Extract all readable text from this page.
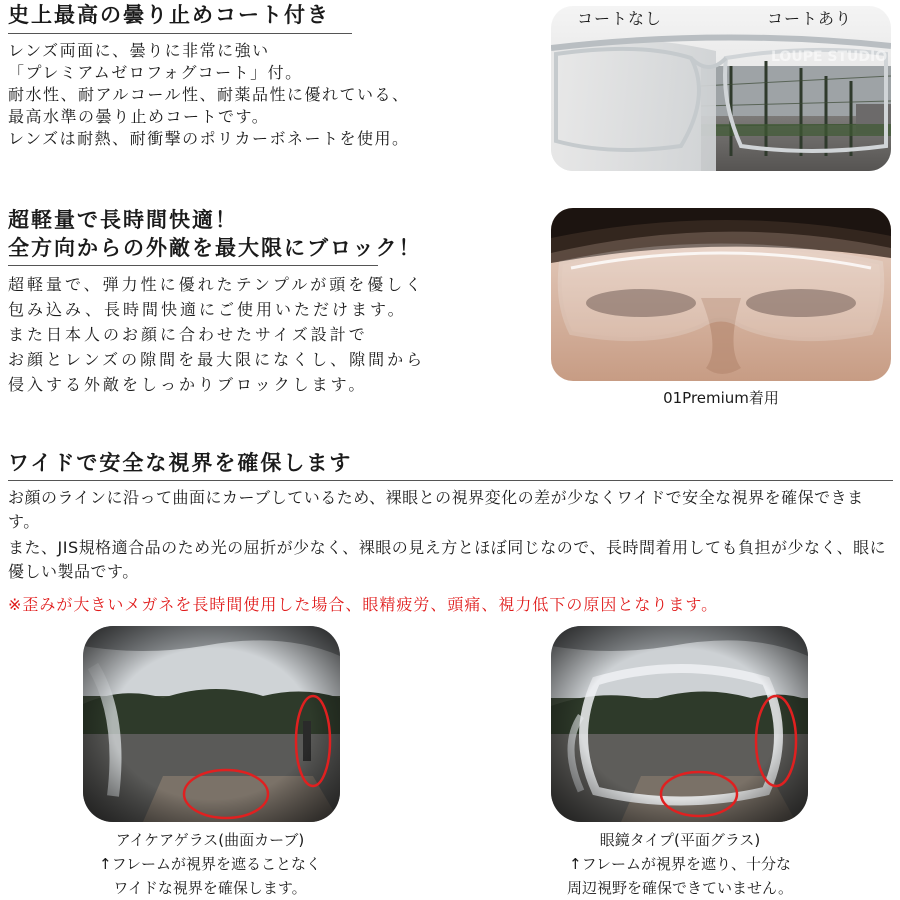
史上最高の曇り止めコート付き

レンズ両面に、曇りに非常に強い
「プレミアムゼロフォグコート」付。
耐水性、耐アルコール性、耐薬品性に優れている、
最高水準の曇り止めコートです。
レンズは耐熱、耐衝撃のポリカーボネートを使用。

LOUPE STUDIO
コートなし	コートあり
超軽量で長時間快適！
全方向からの外敵を最大限にブロック！

超軽量で、弾力性に優れたテンプルが頭を優しく
包み込み、長時間快適にご使用いただけます。
また日本人のお顔に合わせたサイズ設計で
お顔とレンズの隙間を最大限になくし、隙間から
侵入する外敵をしっかりブロックします。

01Premium着用
ワイドで安全な視界を確保します

お顔のラインに沿って曲面にカーブしているため、裸眼との視界変化の差が少なくワイドで安全な視界を確保できます。

また、JIS規格適合品のため光の屈折が少なく、裸眼の見え方とほぼ同じなので、長時間着用しても負担が少なく、眼に優しい製品です。

※歪みが大きいメガネを長時間使用した場合、眼精疲労、頭痛、視力低下の原因となります。

アイケアゲラス(曲面カーブ)
↑フレームが視界を遮ることなく
ワイドな視界を確保します。
眼鏡タイプ(平面グラス)
↑フレームが視界を遮り、十分な
周辺視野を確保できていません。
